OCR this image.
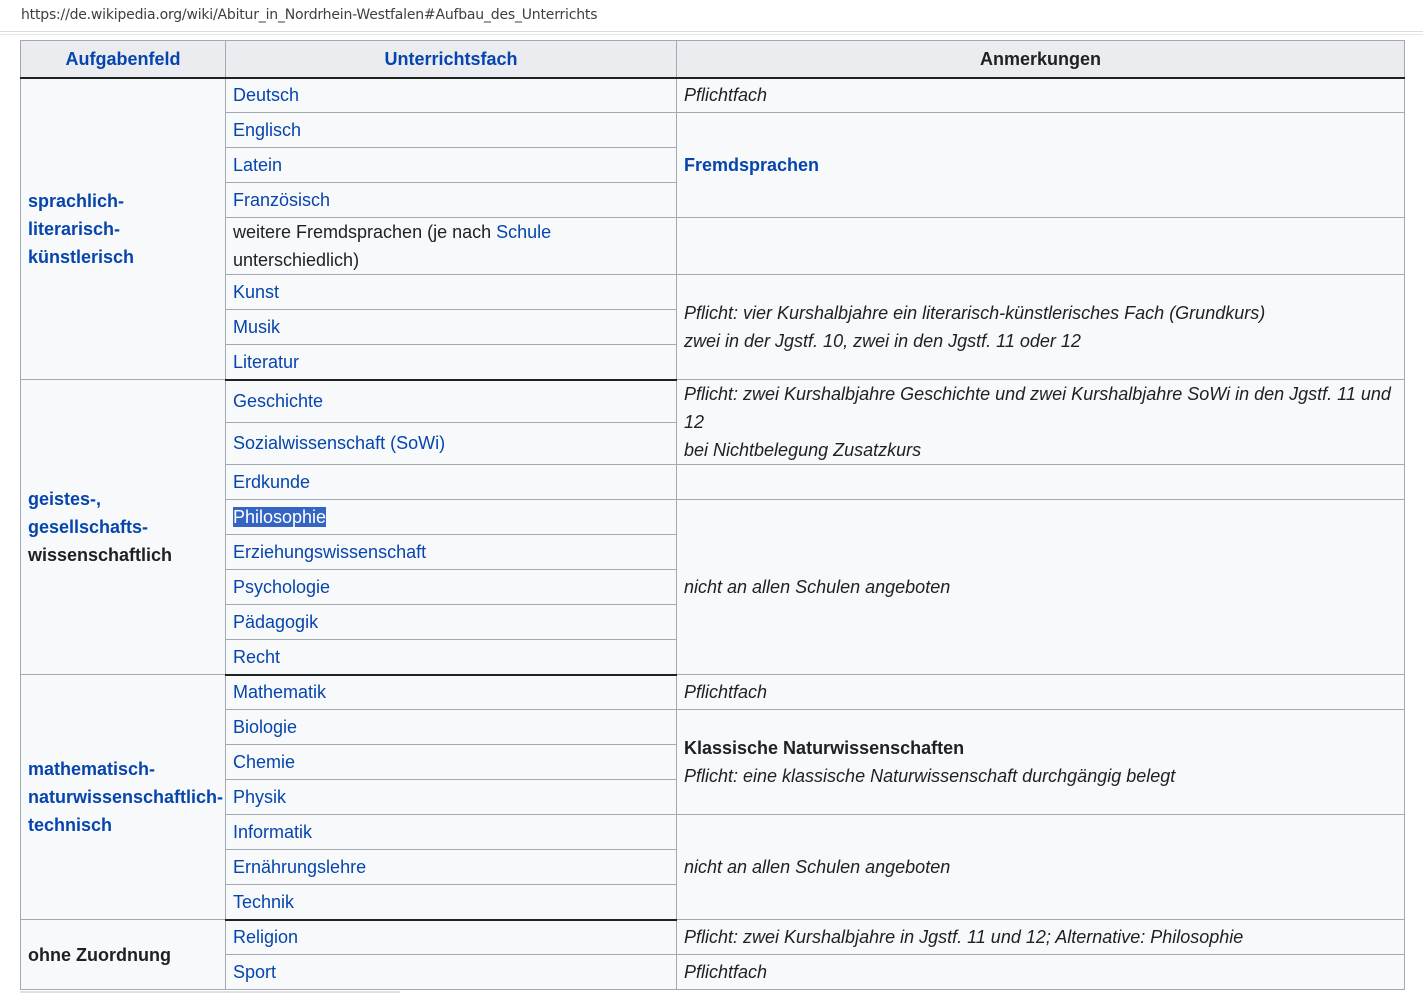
https://de.wikipedia.org/wiki/Abitur_in_Nordrhein-Westfalen#Aufbau_des_Unterrichts
Aufgabenfeld	Unterrichtsfach	Anmerkungen
sprachlich-
literarisch-
künstlerisch	Deutsch	Pflichtfach
	Englisch	Fremdsprachen
	Latein	
	Französisch	
	weitere Fremdsprachen (je nach Schule unterschiedlich)	
	Kunst	Pflicht: vier Kurshalbjahre ein literarisch-künstlerisches Fach (Grundkurs)
zwei in der Jgstf. 10, zwei in den Jgstf. 11 oder 12
	Musik	
	Literatur	
geistes-,
gesellschafts-
wissenschaftlich	Geschichte	Pflicht: zwei Kurshalbjahre Geschichte und zwei Kurshalbjahre SoWi in den Jgstf. 11 und 12
bei Nichtbelegung Zusatzkurs
	Sozialwissenschaft (SoWi)	
	Erdkunde	
	Philosophie	nicht an allen Schulen angeboten
	Erziehungswissenschaft	
	Psychologie	
	Pädagogik	
	Recht	
mathematisch-
naturwissenschaftlich-
technisch	Mathematik	Pflichtfach
	Biologie	Klassische Naturwissenschaften
Pflicht: eine klassische Naturwissenschaft durchgängig belegt
	Chemie	
	Physik	
	Informatik	nicht an allen Schulen angeboten
	Ernährungslehre	
	Technik	
ohne Zuordnung	Religion	Pflicht: zwei Kurshalbjahre in Jgstf. 11 und 12; Alternative: Philosophie
	Sport	Pflichtfach
